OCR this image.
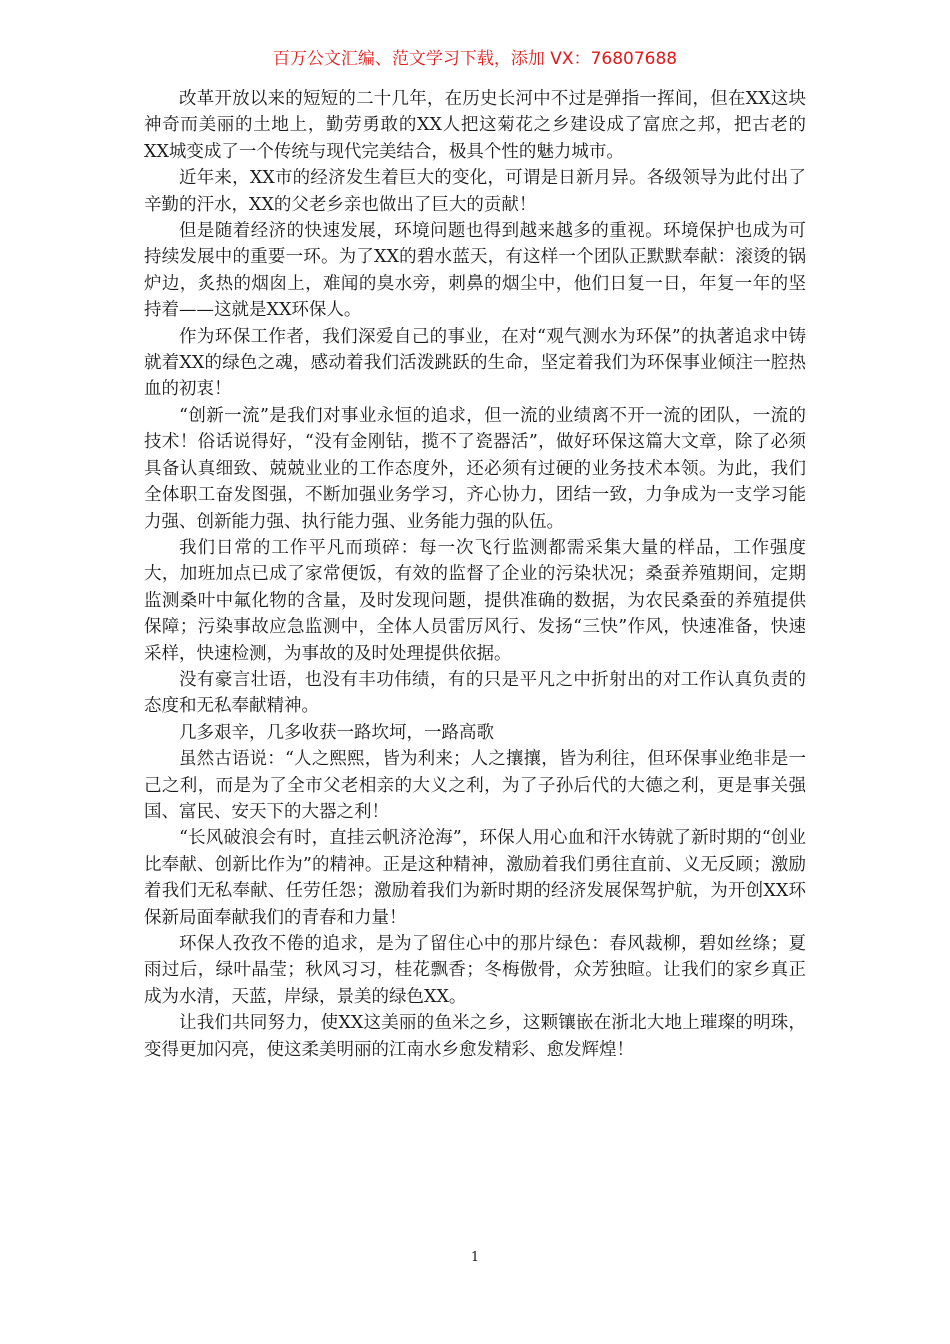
百万公文汇编、范文学习下载，添加 VX：76807688

改革开放以来的短短的二十几年，在历史长河中不过是弹指一挥间，但在XX这块神奇而美丽的土地上，勤劳勇敢的XX人把这菊花之乡建设成了富庶之邦，把古老的XX城变成了一个传统与现代完美结合，极具个性的魅力城市。

近年来，XX市的经济发生着巨大的变化，可谓是日新月异。各级领导为此付出了辛勤的汗水，XX的父老乡亲也做出了巨大的贡献！

但是随着经济的快速发展，环境问题也得到越来越多的重视。环境保护也成为可持续发展中的重要一环。为了XX的碧水蓝天，有这样一个团队正默默奉献：滚烫的锅炉边，炙热的烟囱上，难闻的臭水旁，刺鼻的烟尘中，他们日复一日，年复一年的坚持着——这就是XX环保人。

作为环保工作者，我们深爱自己的事业，在对“观气测水为环保”的执著追求中铸就着XX的绿色之魂，感动着我们活泼跳跃的生命，坚定着我们为环保事业倾注一腔热血的初衷！

“创新一流”是我们对事业永恒的追求，但一流的业绩离不开一流的团队，一流的技术！俗话说得好，“没有金刚钻，揽不了瓷器活”，做好环保这篇大文章，除了必须具备认真细致、兢兢业业的工作态度外，还必须有过硬的业务技术本领。为此，我们全体职工奋发图强，不断加强业务学习，齐心协力，团结一致，力争成为一支学习能力强、创新能力强、执行能力强、业务能力强的队伍。

我们日常的工作平凡而琐碎：每一次飞行监测都需采集大量的样品，工作强度大，加班加点已成了家常便饭，有效的监督了企业的污染状况；桑蚕养殖期间，定期监测桑叶中氟化物的含量，及时发现问题，提供准确的数据，为农民桑蚕的养殖提供保障；污染事故应急监测中，全体人员雷厉风行、发扬“三快”作风，快速准备，快速采样，快速检测，为事故的及时处理提供依据。

没有豪言壮语，也没有丰功伟绩，有的只是平凡之中折射出的对工作认真负责的态度和无私奉献精神。

几多艰辛，几多收获一路坎坷，一路高歌

虽然古语说：“人之熙熙，皆为利来；人之攘攘，皆为利往，但环保事业绝非是一己之利，而是为了全市父老相亲的大义之利，为了子孙后代的大德之利，更是事关强国、富民、安天下的大器之利！

“长风破浪会有时，直挂云帆济沧海”，环保人用心血和汗水铸就了新时期的“创业比奉献、创新比作为”的精神。正是这种精神，激励着我们勇往直前、义无反顾；激励着我们无私奉献、任劳任怨；激励着我们为新时期的经济发展保驾护航，为开创XX环保新局面奉献我们的青春和力量！

环保人孜孜不倦的追求，是为了留住心中的那片绿色：春风裁柳，碧如丝绦；夏雨过后，绿叶晶莹；秋风习习，桂花飘香；冬梅傲骨，众芳独暄。让我们的家乡真正成为水清，天蓝，岸绿，景美的绿色XX。

让我们共同努力，使XX这美丽的鱼米之乡，这颗镶嵌在浙北大地上璀璨的明珠，变得更加闪亮，使这柔美明丽的江南水乡愈发精彩、愈发辉煌！

1
